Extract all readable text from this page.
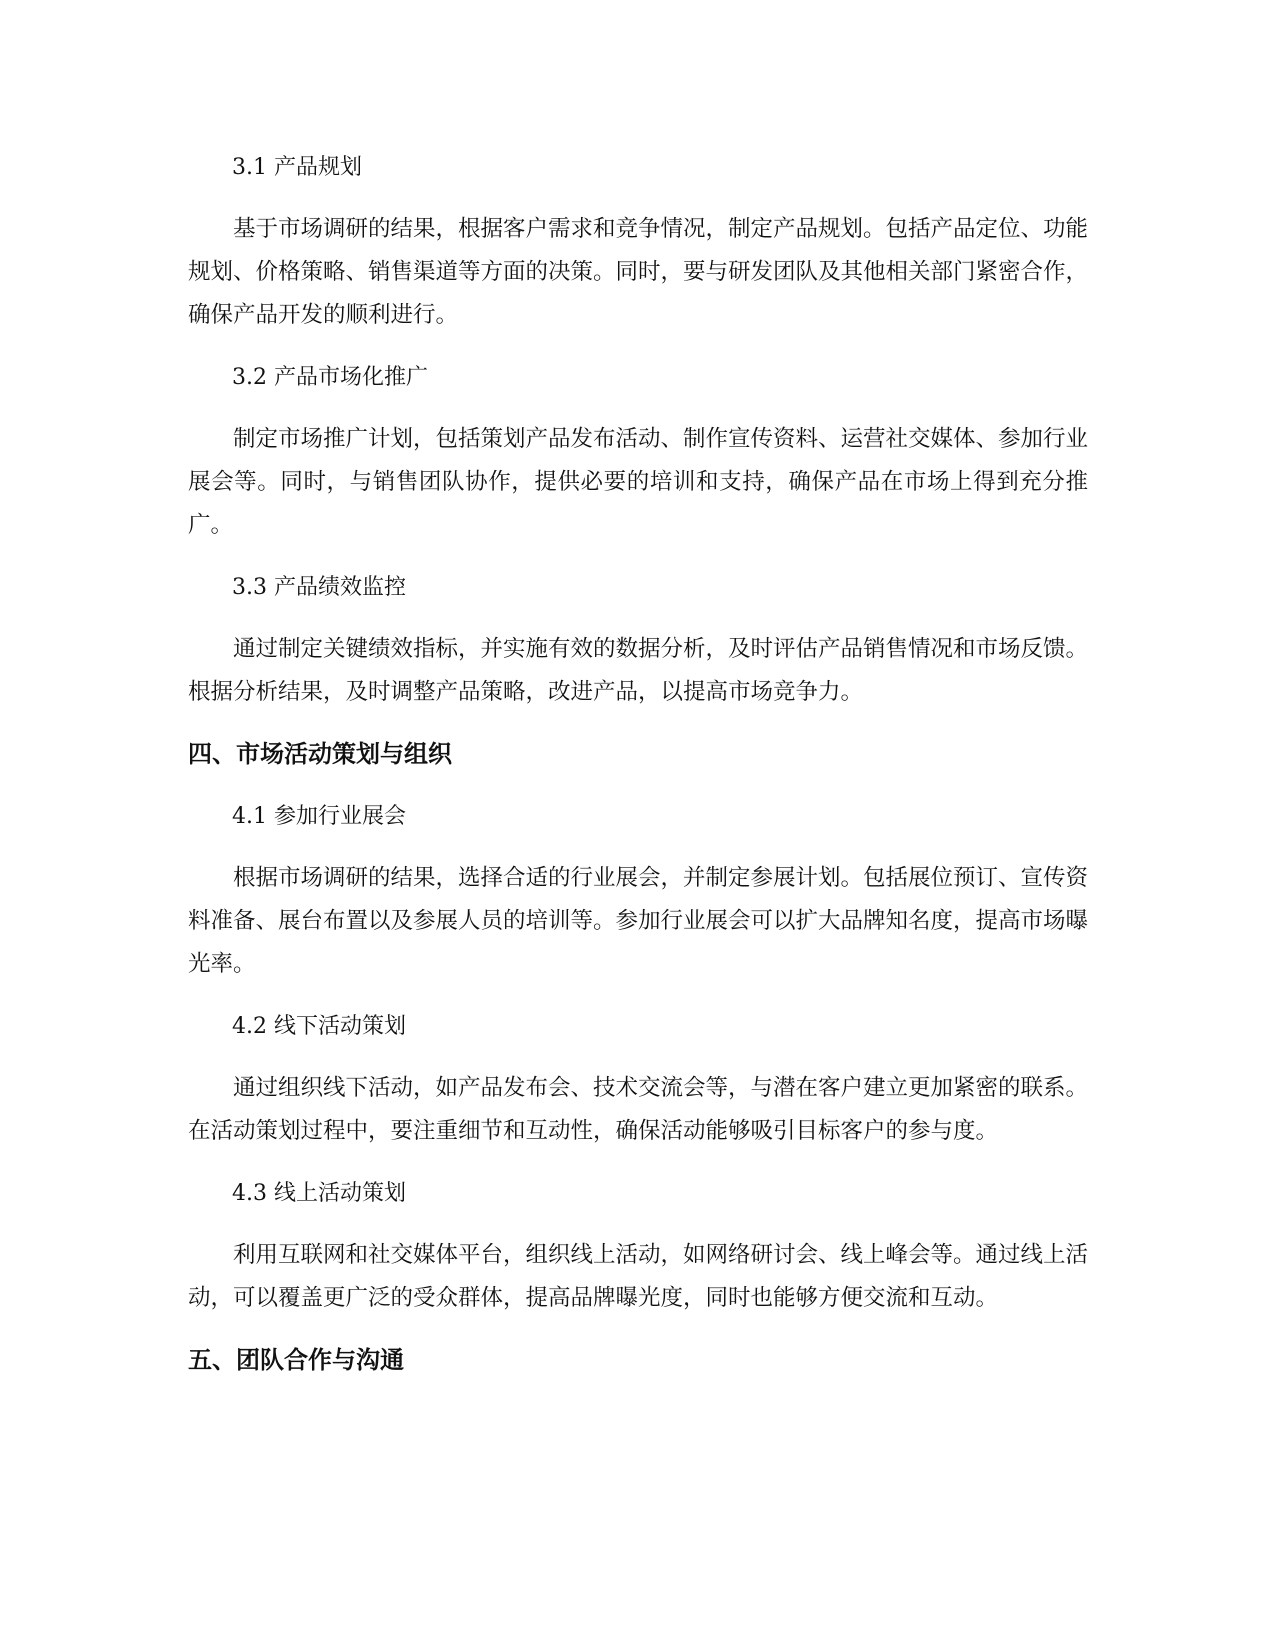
3.1 产品规划

基于市场调研的结果，根据客户需求和竞争情况，制定产品规划。包括产品定位、功能规划、价格策略、销售渠道等方面的决策。同时，要与研发团队及其他相关部门紧密合作，确保产品开发的顺利进行。

3.2 产品市场化推广

制定市场推广计划，包括策划产品发布活动、制作宣传资料、运营社交媒体、参加行业展会等。同时，与销售团队协作，提供必要的培训和支持，确保产品在市场上得到充分推广。

3.3 产品绩效监控

通过制定关键绩效指标，并实施有效的数据分析，及时评估产品销售情况和市场反馈。根据分析结果，及时调整产品策略，改进产品，以提高市场竞争力。

四、市场活动策划与组织

4.1 参加行业展会

根据市场调研的结果，选择合适的行业展会，并制定参展计划。包括展位预订、宣传资料准备、展台布置以及参展人员的培训等。参加行业展会可以扩大品牌知名度，提高市场曝光率。

4.2 线下活动策划

通过组织线下活动，如产品发布会、技术交流会等，与潜在客户建立更加紧密的联系。在活动策划过程中，要注重细节和互动性，确保活动能够吸引目标客户的参与度。

4.3 线上活动策划

利用互联网和社交媒体平台，组织线上活动，如网络研讨会、线上峰会等。通过线上活动，可以覆盖更广泛的受众群体，提高品牌曝光度，同时也能够方便交流和互动。

五、团队合作与沟通
